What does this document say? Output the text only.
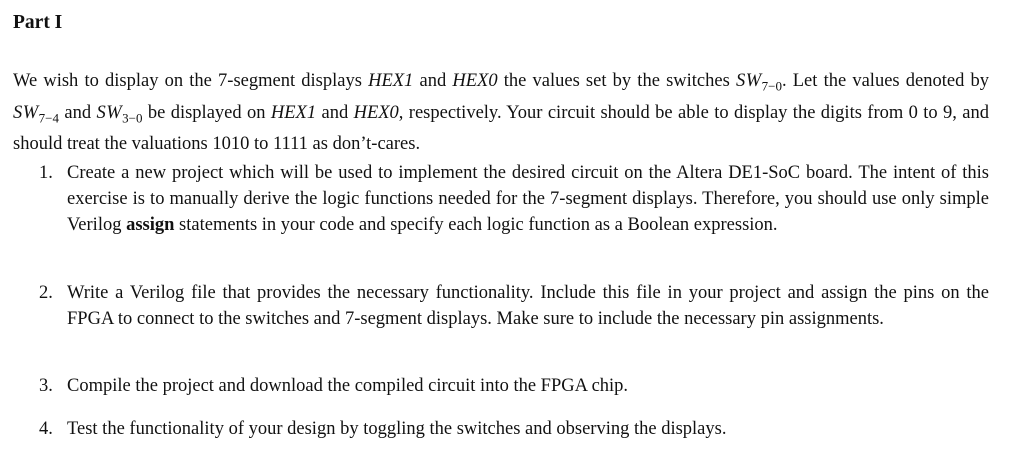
Part I

We wish to display on the 7-segment displays HEX1 and HEX0 the values set by the switches $SW_{7-0}$. Let the values denoted by $SW_{7-4}$ and $SW_{3-0}$ be displayed on HEX1 and HEX0, respectively. Your circuit should be able to display the digits from 0 to 9, and should treat the valuations 1010 to 1111 as don’t-cares.

1. Create a new project which will be used to implement the desired circuit on the Altera DE1-SoC board. The intent of this exercise is to manually derive the logic functions needed for the 7-segment displays. Therefore, you should use only simple Verilog assign statements in your code and specify each logic function as a Boolean expression.
2. Write a Verilog file that provides the necessary functionality. Include this file in your project and assign the pins on the FPGA to connect to the switches and 7-segment displays. Make sure to include the necessary pin assignments.
3. Compile the project and download the compiled circuit into the FPGA chip.
4. Test the functionality of your design by toggling the switches and observing the displays.
